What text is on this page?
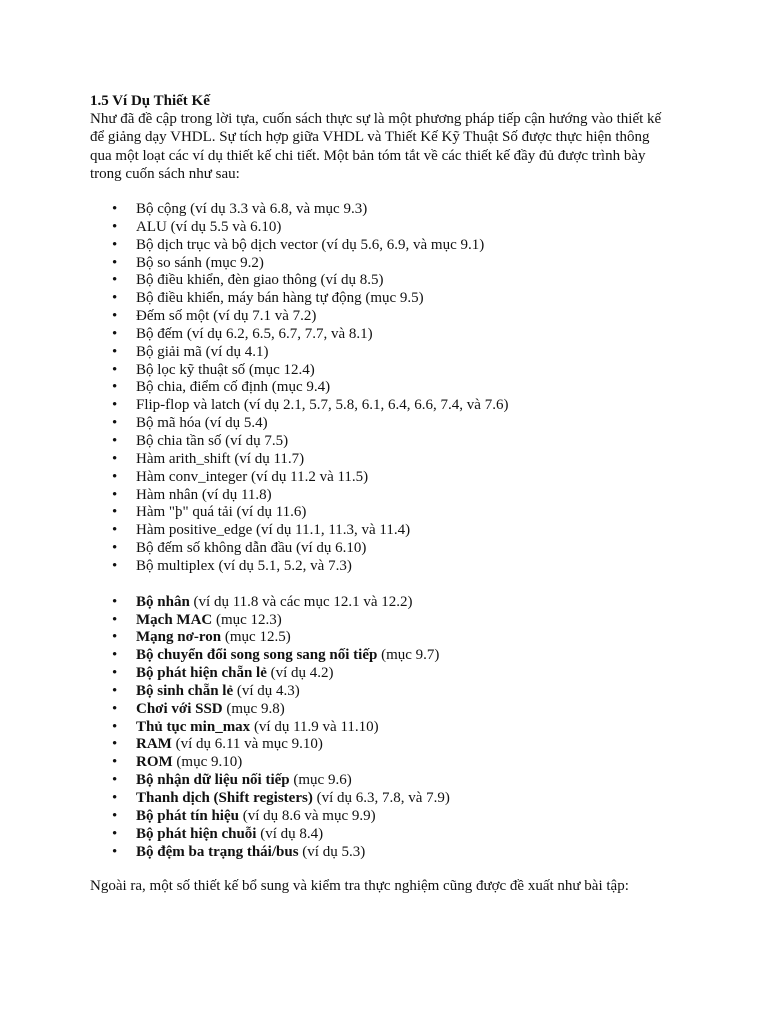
1.5 Ví Dụ Thiết Kế

Như đã đề cập trong lời tựa, cuốn sách thực sự là một phương pháp tiếp cận hướng vào thiết kế
để giảng dạy VHDL. Sự tích hợp giữa VHDL và Thiết Kế Kỹ Thuật Số được thực hiện thông
qua một loạt các ví dụ thiết kế chi tiết. Một bản tóm tắt về các thiết kế đầy đủ được trình bày
trong cuốn sách như sau:

• Bộ cộng (ví dụ 3.3 và 6.8, và mục 9.3)
• ALU (ví dụ 5.5 và 6.10)
• Bộ dịch trục và bộ dịch vector (ví dụ 5.6, 6.9, và mục 9.1)
• Bộ so sánh (mục 9.2)
• Bộ điều khiển, đèn giao thông (ví dụ 8.5)
• Bộ điều khiển, máy bán hàng tự động (mục 9.5)
• Đếm số một (ví dụ 7.1 và 7.2)
• Bộ đếm (ví dụ 6.2, 6.5, 6.7, 7.7, và 8.1)
• Bộ giải mã (ví dụ 4.1)
• Bộ lọc kỹ thuật số (mục 12.4)
• Bộ chia, điểm cố định (mục 9.4)
• Flip-flop và latch (ví dụ 2.1, 5.7, 5.8, 6.1, 6.4, 6.6, 7.4, và 7.6)
• Bộ mã hóa (ví dụ 5.4)
• Bộ chia tần số (ví dụ 7.5)
• Hàm arith_shift (ví dụ 11.7)
• Hàm conv_integer (ví dụ 11.2 và 11.5)
• Hàm nhân (ví dụ 11.8)
• Hàm "þ" quá tải (ví dụ 11.6)
• Hàm positive_edge (ví dụ 11.1, 11.3, và 11.4)
• Bộ đếm số không dẫn đầu (ví dụ 6.10)
• Bộ multiplex (ví dụ 5.1, 5.2, và 7.3)
• Bộ nhân (ví dụ 11.8 và các mục 12.1 và 12.2)
• Mạch MAC (mục 12.3)
• Mạng nơ-ron (mục 12.5)
• Bộ chuyển đổi song song sang nối tiếp (mục 9.7)
• Bộ phát hiện chẵn lẻ (ví dụ 4.2)
• Bộ sinh chẵn lẻ (ví dụ 4.3)
• Chơi với SSD (mục 9.8)
• Thủ tục min_max (ví dụ 11.9 và 11.10)
• RAM (ví dụ 6.11 và mục 9.10)
• ROM (mục 9.10)
• Bộ nhận dữ liệu nối tiếp (mục 9.6)
• Thanh dịch (Shift registers) (ví dụ 6.3, 7.8, và 7.9)
• Bộ phát tín hiệu (ví dụ 8.6 và mục 9.9)
• Bộ phát hiện chuỗi (ví dụ 8.4)
• Bộ đệm ba trạng thái/bus (ví dụ 5.3)

Ngoài ra, một số thiết kế bổ sung và kiểm tra thực nghiệm cũng được đề xuất như bài tập:
